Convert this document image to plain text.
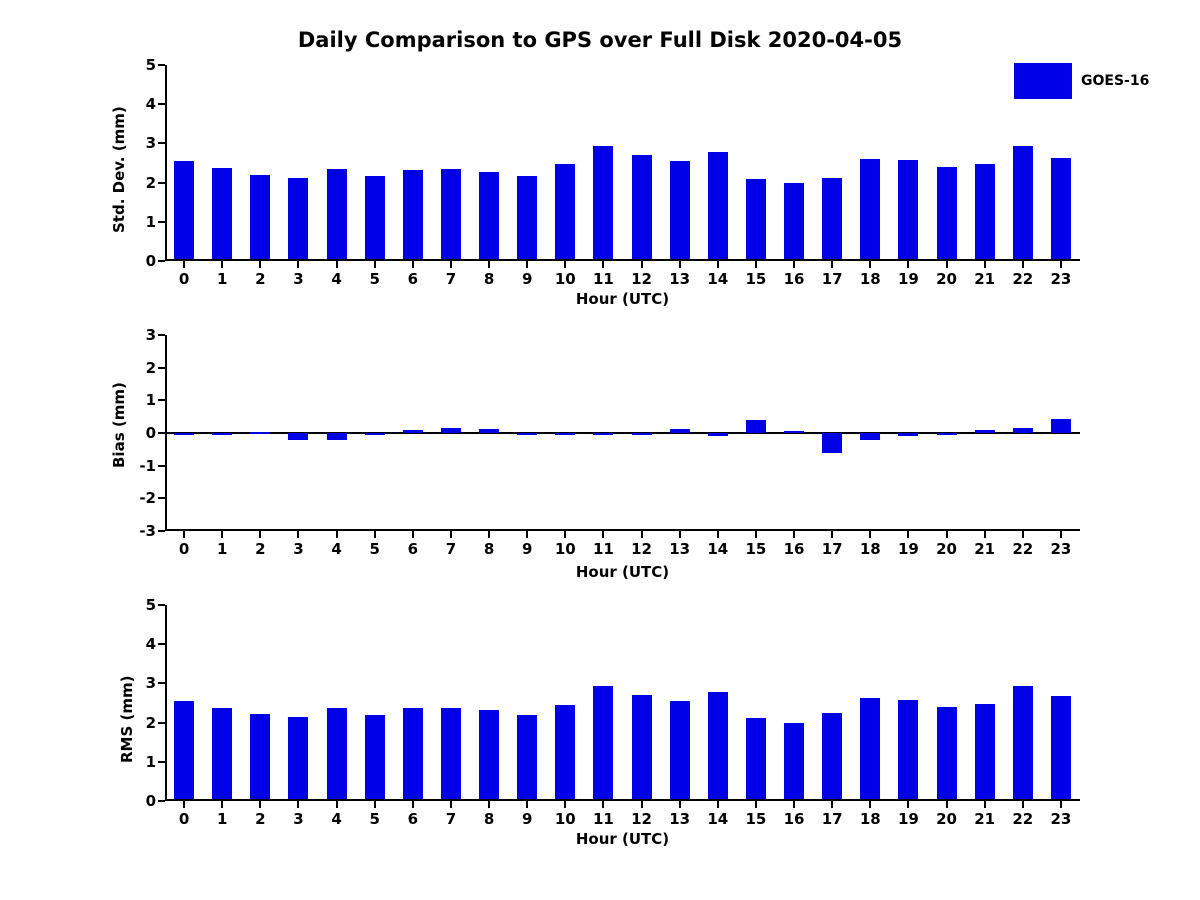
Daily Comparison to GPS over Full Disk 2020-04-05
0
1
2
3
4
5
0 1 2 3 4 5 6 7 8 9 10 11 12 13 14 15 16 17 18 19 20 21 22 23
Std. Dev. (mm)
Hour (UTC)
GOES-16
-3
-2
-1
0
1
2
3
0 1 2 3 4 5 6 7 8 9 10 11 12 13 14 15 16 17 18 19 20 21 22 23
Bias (mm)
Hour (UTC)
0
1
2
3
4
5
0 1 2 3 4 5 6 7 8 9 10 11 12 13 14 15 16 17 18 19 20 21 22 23
RMS (mm)
Hour (UTC)
